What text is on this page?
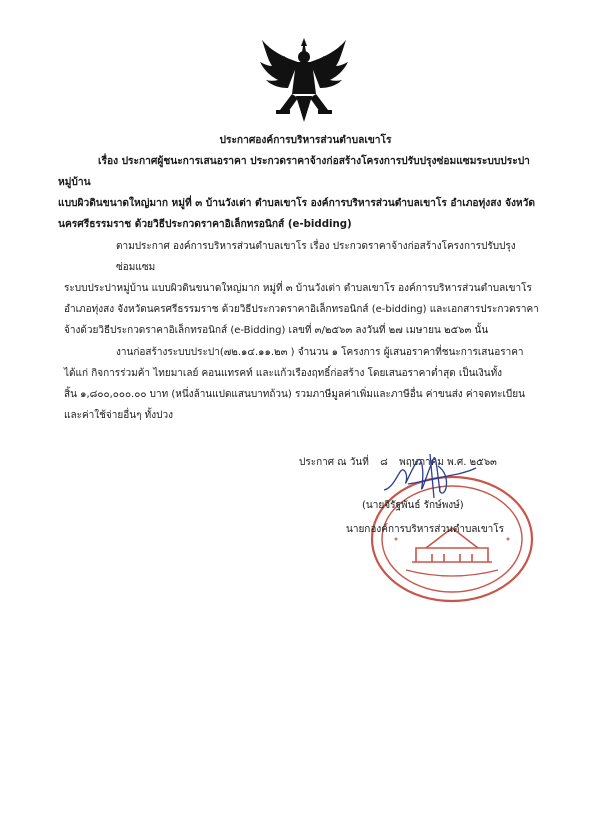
ประกาศองค์การบริหารส่วนตำบลเขาโร
เรื่อง ประกาศผู้ชนะการเสนอราคา ประกวดราคาจ้างก่อสร้างโครงการปรับปรุงซ่อมแซมระบบประปาหมู่บ้าน
แบบผิวดินขนาดใหญ่มาก หมู่ที่ ๓ บ้านวังเต่า ตำบลเขาโร องค์การบริหารส่วนตำบลเขาโร อำเภอทุ่งสง จังหวัด
นครศรีธรรมราช ด้วยวิธีประกวดราคาอิเล็กทรอนิกส์ (e-bidding)
ตามประกาศ องค์การบริหารส่วนตำบลเขาโร เรื่อง ประกวดราคาจ้างก่อสร้างโครงการปรับปรุงซ่อมแซม
ระบบประปาหมู่บ้าน แบบผิวดินขนาดใหญ่มาก หมู่ที่ ๓ บ้านวังเต่า ตำบลเขาโร องค์การบริหารส่วนตำบลเขาโร
อำเภอทุ่งสง จังหวัดนครศรีธรรมราช ด้วยวิธีประกวดราคาอิเล็กทรอนิกส์ (e-bidding) และเอกสารประกวดราคา
จ้างด้วยวิธีประกวดราคาอิเล็กทรอนิกส์ (e-Bidding) เลขที่ ๓/๒๕๖๓ ลงวันที่ ๒๗ เมษายน ๒๕๖๓ นั้น
งานก่อสร้างระบบประปา(๗๒.๑๔.๑๑.๒๓ ) จำนวน ๑ โครงการ ผู้เสนอราคาที่ชนะการเสนอราคา
ได้แก่ กิจการร่วมค้า ไทยมาเลย์ คอนแทรคท์ และแก้วเรืองฤทธิ์ก่อสร้าง โดยเสนอราคาต่ำสุด เป็นเงินทั้ง
สิ้น ๑,๘๐๐,๐๐๐.๐๐ บาท (หนึ่งล้านแปดแสนบาทถ้วน) รวมภาษีมูลค่าเพิ่มและภาษีอื่น ค่าขนส่ง ค่าจดทะเบียน
และค่าใช้จ่ายอื่นๆ ทั้งปวง
ประกาศ ณ วันที่ ๘ พฤษภาคม พ.ศ. ๒๕๖๓
(นายจิรัฐพันธ์ รักษ์พงษ์)
นายกองค์การบริหารส่วนตำบลเขาโร
